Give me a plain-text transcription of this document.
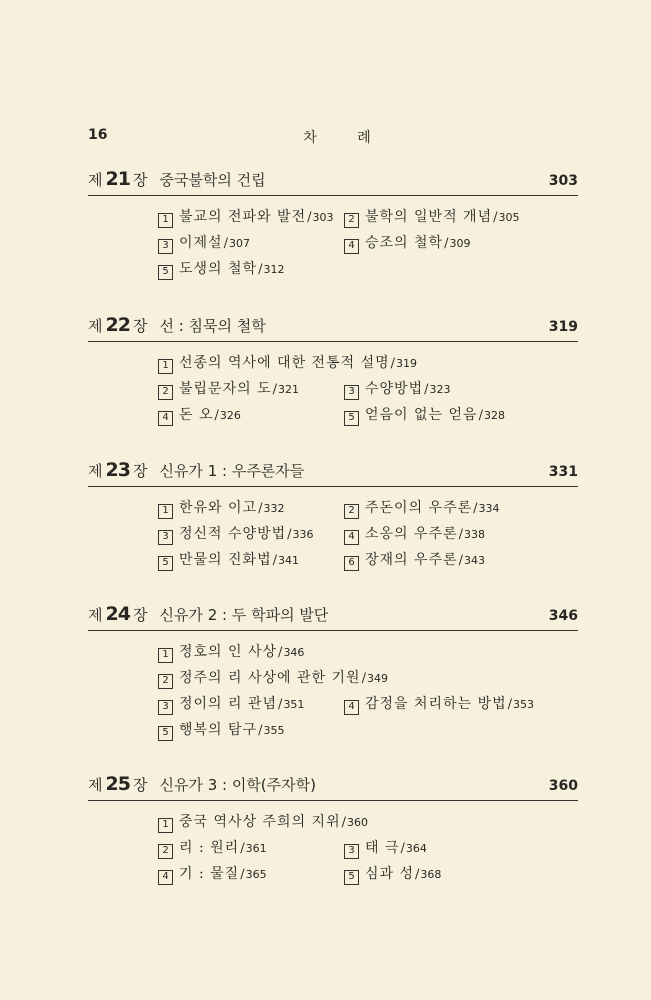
16	차 례
제 21 장 중국불학의 건립	303
1 불교의 전파와 발전/303	2 불학의 일반적 개념/305
3 이제설/307	4 승조의 철학/309
5 도생의 철학/312
제 22 장 선 : 침묵의 철학	319
1 선종의 역사에 대한 전통적 설명/319
2 불립문자의 도/321	3 수양방법/323
4 돈 오/326	5 얻음이 없는 얻음/328
제 23 장 신유가 1 : 우주론자들	331
1 한유와 이고/332	2 주돈이의 우주론/334
3 정신적 수양방법/336	4 소옹의 우주론/338
5 만물의 진화법/341	6 장재의 우주론/343
제 24 장 신유가 2 : 두 학파의 발단	346
1 정호의 인 사상/346
2 정주의 리 사상에 관한 기원/349
3 정이의 리 관념/351	4 감정을 처리하는 방법/353
5 행복의 탐구/355
제 25 장 신유가 3 : 이학(주자학)	360
1 중국 역사상 주희의 지위/360
2 리 : 원리/361	3 태 극/364
4 기 : 물질/365	5 심과 성/368
